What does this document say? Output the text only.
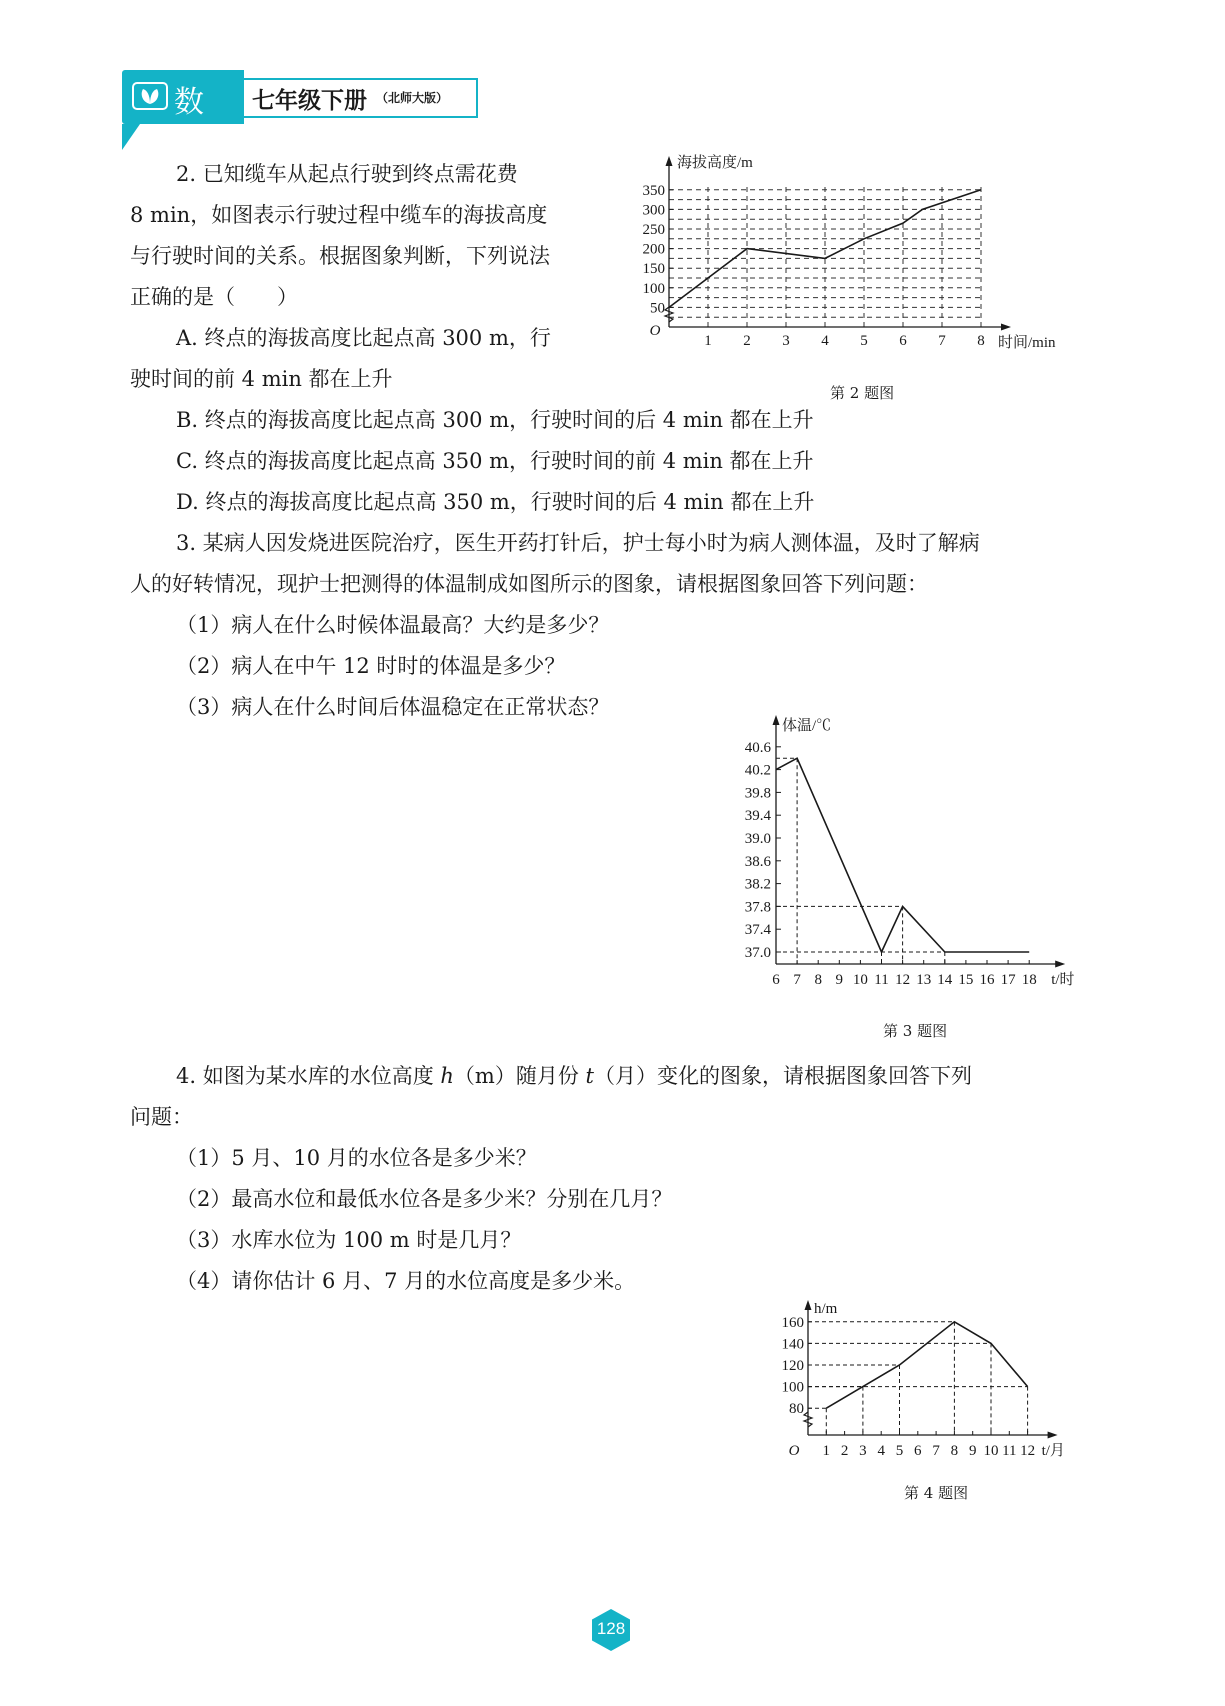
数学
七年级下册 （北师大版）
2. 已知缆车从起点行驶到终点需花费
8 min，如图表示行驶过程中缆车的海拔高度
与行驶时间的关系。根据图象判断，下列说法
正确的是（　　）
A. 终点的海拔高度比起点高 300 m，行
驶时间的前 4 min 都在上升
B. 终点的海拔高度比起点高 300 m，行驶时间的后 4 min 都在上升
C. 终点的海拔高度比起点高 350 m，行驶时间的前 4 min 都在上升
D. 终点的海拔高度比起点高 350 m，行驶时间的后 4 min 都在上升
50
100
150
200
250
300
350
1 2 3 4 5 6 7 8
O
海拔高度/m
时间/min
第 2 题图
3. 某病人因发烧进医院治疗，医生开药打针后，护士每小时为病人测体温，及时了解病
人的好转情况，现护士把测得的体温制成如图所示的图象，请根据图象回答下列问题：
（1）病人在什么时候体温最高？大约是多少？
（2）病人在中午 12 时时的体温是多少？
（3）病人在什么时间后体温稳定在正常状态？
37.0
37.4
37.8
38.2
38.6
39.0
39.4
39.8
40.2
40.6
6 7 8 9 10 11 12 13 14 15 16 17 18
体温/℃
t/时
第 3 题图
4. 如图为某水库的水位高度 h（m）随月份 t（月）变化的图象，请根据图象回答下列
问题：
（1）5 月、10 月的水位各是多少米？
（2）最高水位和最低水位各是多少米？分别在几月？
（3）水库水位为 100 m 时是几月？
（4）请你估计 6 月、7 月的水位高度是多少米。
80
100
120
140
160
1 2 3 4 5 6 7 8 9 10 11 12
O
h/m
t/月
第 4 题图
128
